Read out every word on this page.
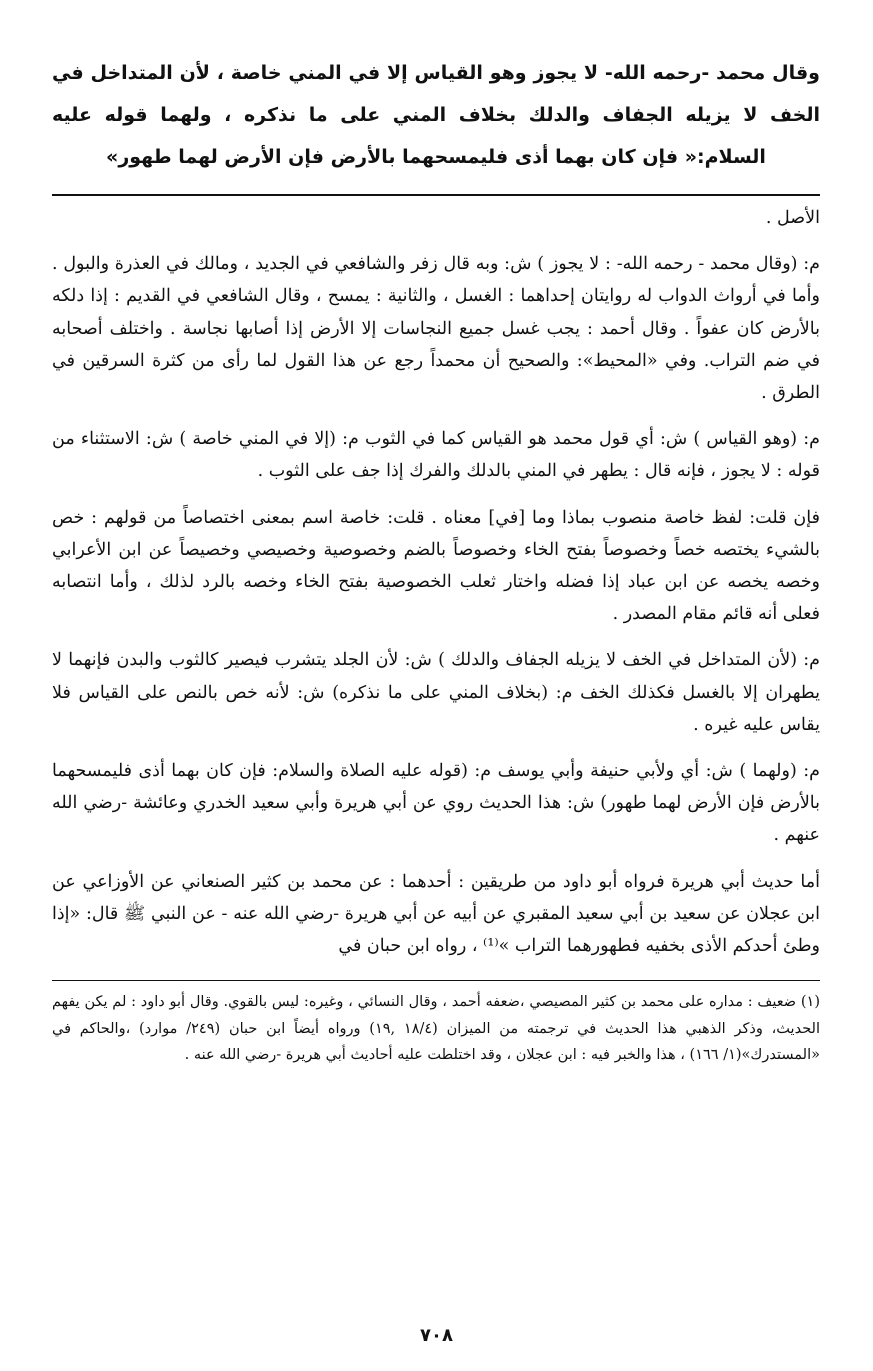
وقال محمد -رحمه الله- لا يجوز وهو القياس إلا في المني خاصة ، لأن المتداخل في الخف لا يزيله الجفاف والدلك بخلاف المني على ما نذكره ، ولهما قوله عليه السلام:« فإن كان بهما أذى فليمسحهما بالأرض فإن الأرض لهما طهور»

الأصل .

م: (وقال محمد - رحمه الله- : لا يجوز ) ش: وبه قال زفر والشافعي في الجديد ، ومالك في العذرة والبول . وأما في أرواث الدواب له روايتان إحداهما : الغسل ، والثانية : يمسح ، وقال الشافعي في القديم : إذا دلكه بالأرض كان عفواً . وقال أحمد : يجب غسل جميع النجاسات إلا الأرض إذا أصابها نجاسة . واختلف أصحابه في ضم التراب. وفي «المحيط»: والصحيح أن محمداً رجع عن هذا القول لما رأى من كثرة السرقين في الطرق .

م: (وهو القياس ) ش: أي قول محمد هو القياس كما في الثوب م: (إلا في المني خاصة ) ش: الاستثناء من قوله : لا يجوز ، فإنه قال : يطهر في المني بالدلك والفرك إذا جف على الثوب .

فإن قلت: لفظ خاصة منصوب بماذا وما [في] معناه . قلت: خاصة اسم بمعنى اختصاصاً من قولهم : خص بالشيء يختصه خصاً وخصوصاً بفتح الخاء وخصوصاً بالضم وخصوصية وخصيصي وخصيصاً عن ابن الأعرابي وخصه يخصه عن ابن عباد إذا فضله واختار ثعلب الخصوصية بفتح الخاء وخصه بالرد لذلك ، وأما انتصابه فعلى أنه قائم مقام المصدر .

م: (لأن المتداخل في الخف لا يزيله الجفاف والدلك ) ش: لأن الجلد يتشرب فيصير كالثوب والبدن فإنهما لا يطهران إلا بالغسل فكذلك الخف م: (بخلاف المني على ما نذكره) ش: لأنه خص بالنص على القياس فلا يقاس عليه غيره .

م: (ولهما ) ش: أي ولأبي حنيفة وأبي يوسف م: (قوله عليه الصلاة والسلام: فإن كان بهما أذى فليمسحهما بالأرض فإن الأرض لهما طهور) ش: هذا الحديث روي عن أبي هريرة وأبي سعيد الخدري وعائشة -رضي الله عنهم .

أما حديث أبي هريرة فرواه أبو داود من طريقين : أحدهما : عن محمد بن كثير الصنعاني عن الأوزاعي عن ابن عجلان عن سعيد بن أبي سعيد المقبري عن أبيه عن أبي هريرة -رضي الله عنه - عن النبي ﷺ قال: «إذا وطئ أحدكم الأذى بخفيه فطهورهما التراب »⁽¹⁾ ، رواه ابن حبان في

(١) ضعيف : مداره على محمد بن كثير المصيصي ،ضعفه أحمد ، وقال النسائي ، وغيره: ليس بالقوي. وقال أبو داود : لم يكن يفهم الحديث، وذكر الذهبي هذا الحديث في ترجمته من الميزان (١٨/٤ ,١٩) ورواه أيضاً ابن حبان (٢٤٩/ موارد) ،والحاكم في «المستدرك»(١/ ١٦٦) ، هذا والخبر فيه : ابن عجلان ، وقد اختلطت عليه أحاديث أبي هريرة -رضي الله عنه .
٧٠٨
